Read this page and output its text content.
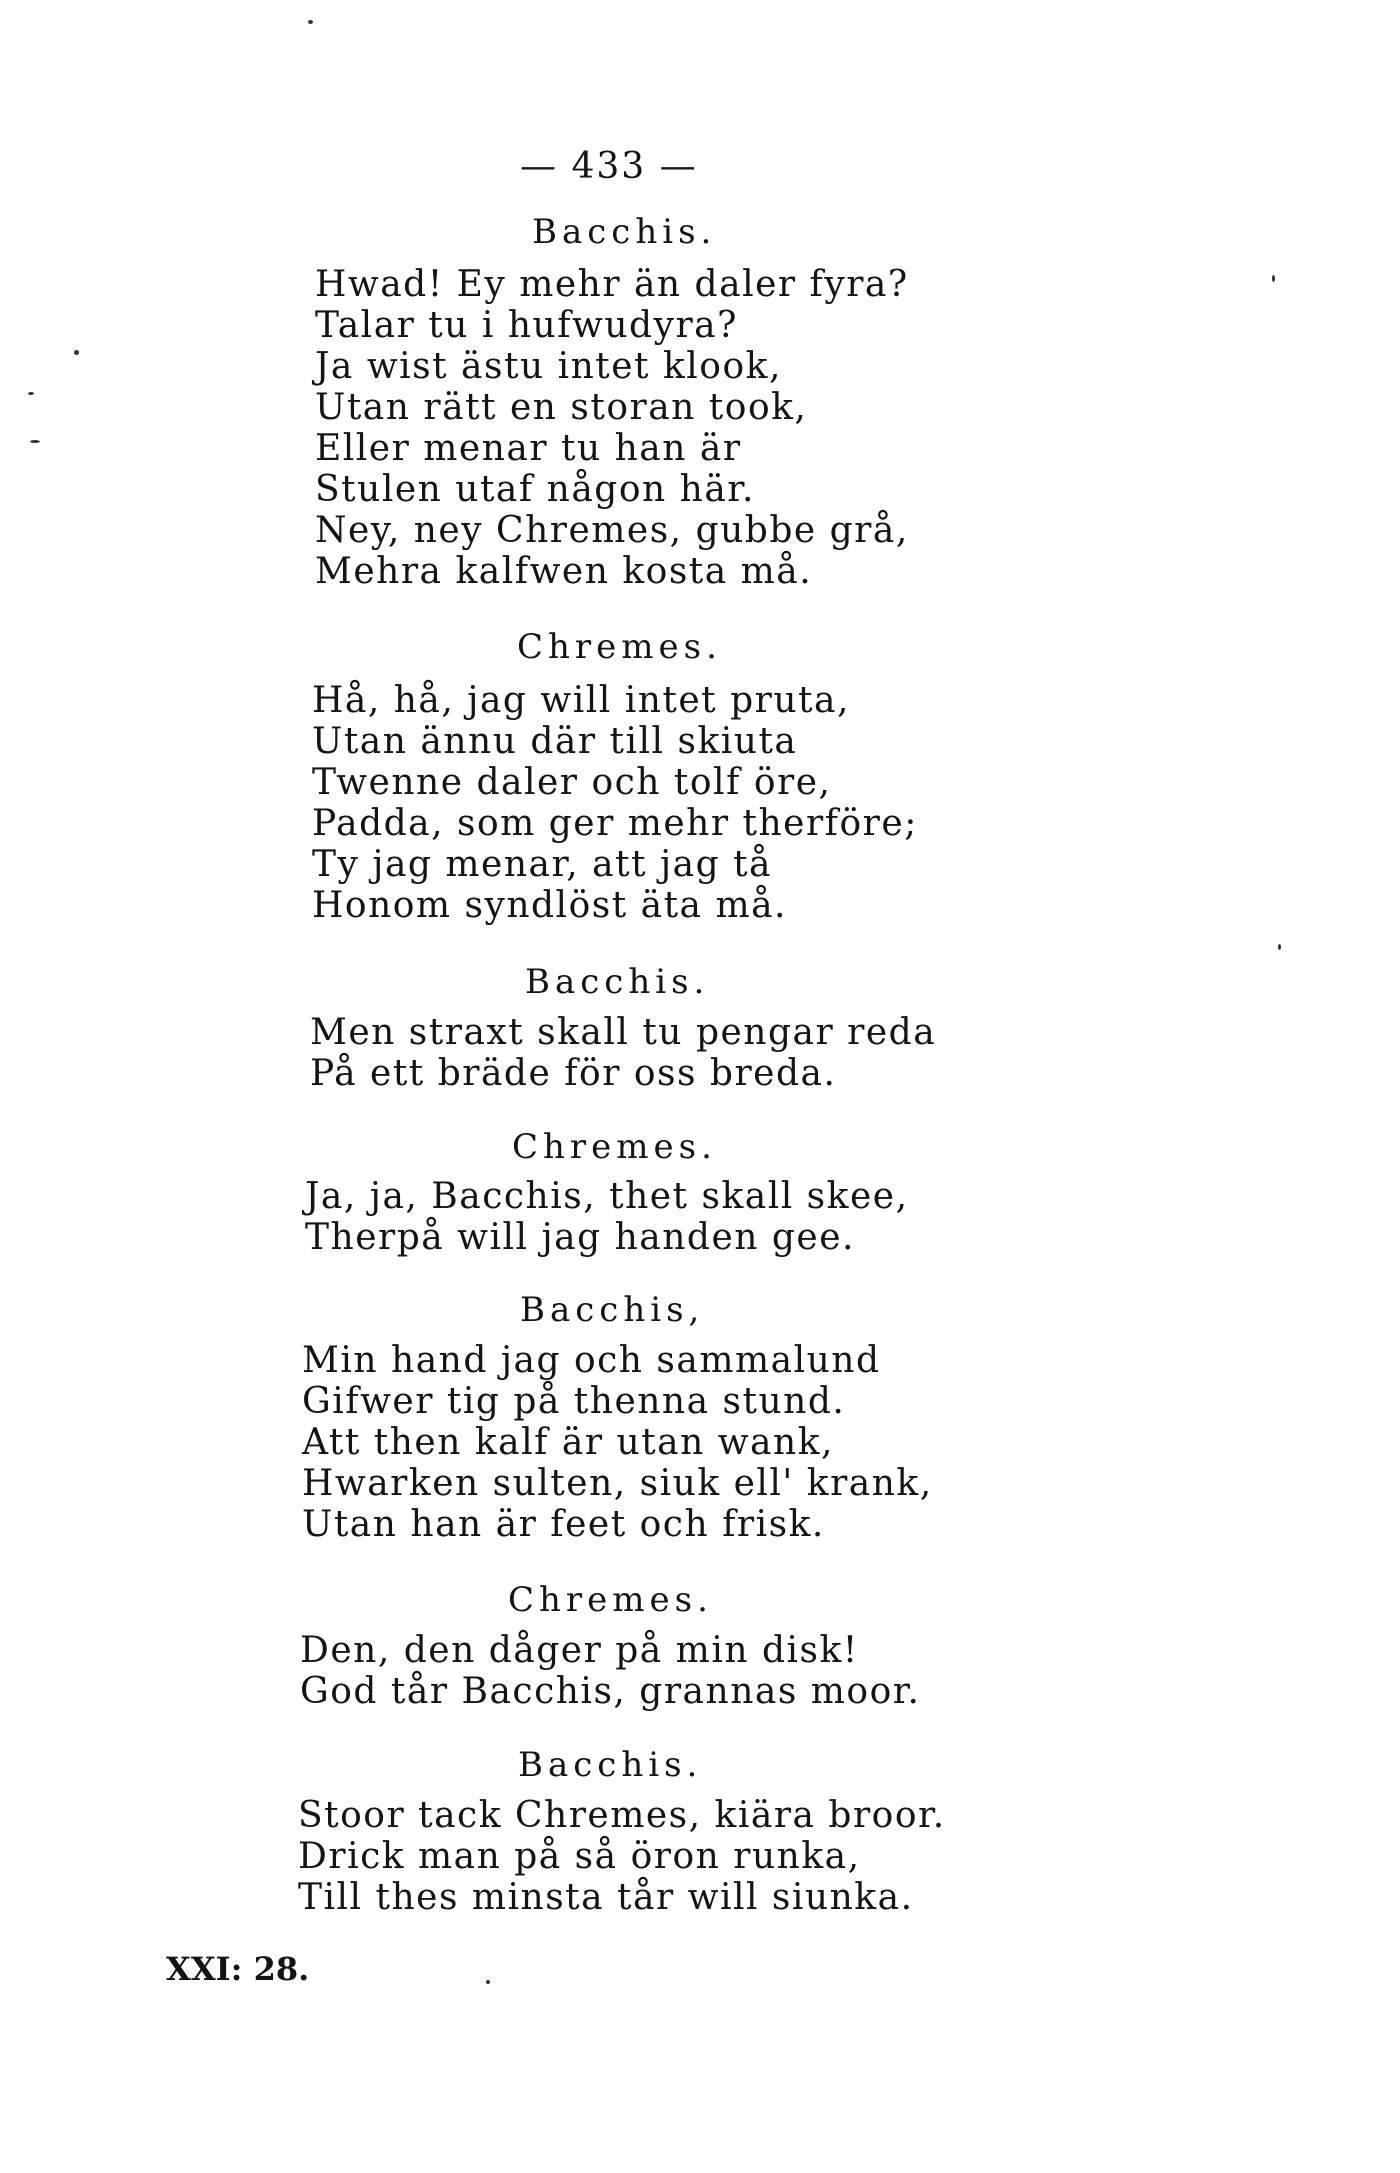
— 433 —
Bacchis.
Hwad! Ey mehr än daler fyra?
Talar tu i hufwudyra?
Ja wist ästu intet klook,
Utan rätt en storan took,
Eller menar tu han är
Stulen utaf någon här.
Ney, ney Chremes, gubbe grå,
Mehra kalfwen kosta må.
Chremes.
Hå, hå, jag will intet pruta,
Utan ännu där till skiuta
Twenne daler och tolf öre,
Padda, som ger mehr therföre;
Ty jag menar, att jag tå
Honom syndlöst äta må.
Bacchis.
Men straxt skall tu pengar reda
På ett bräde för oss breda.
Chremes.
Ja, ja, Bacchis, thet skall skee,
Therpå will jag handen gee.
Bacchis,
Min hand jag och sammalund
Gifwer tig på thenna stund.
Att then kalf är utan wank,
Hwarken sulten, siuk ell' krank,
Utan han är feet och frisk.
Chremes.
Den, den dåger på min disk!
God tår Bacchis, grannas moor.
Bacchis.
Stoor tack Chremes, kiära broor.
Drick man på så öron runka,
Till thes minsta tår will siunka.
XXI: 28.
